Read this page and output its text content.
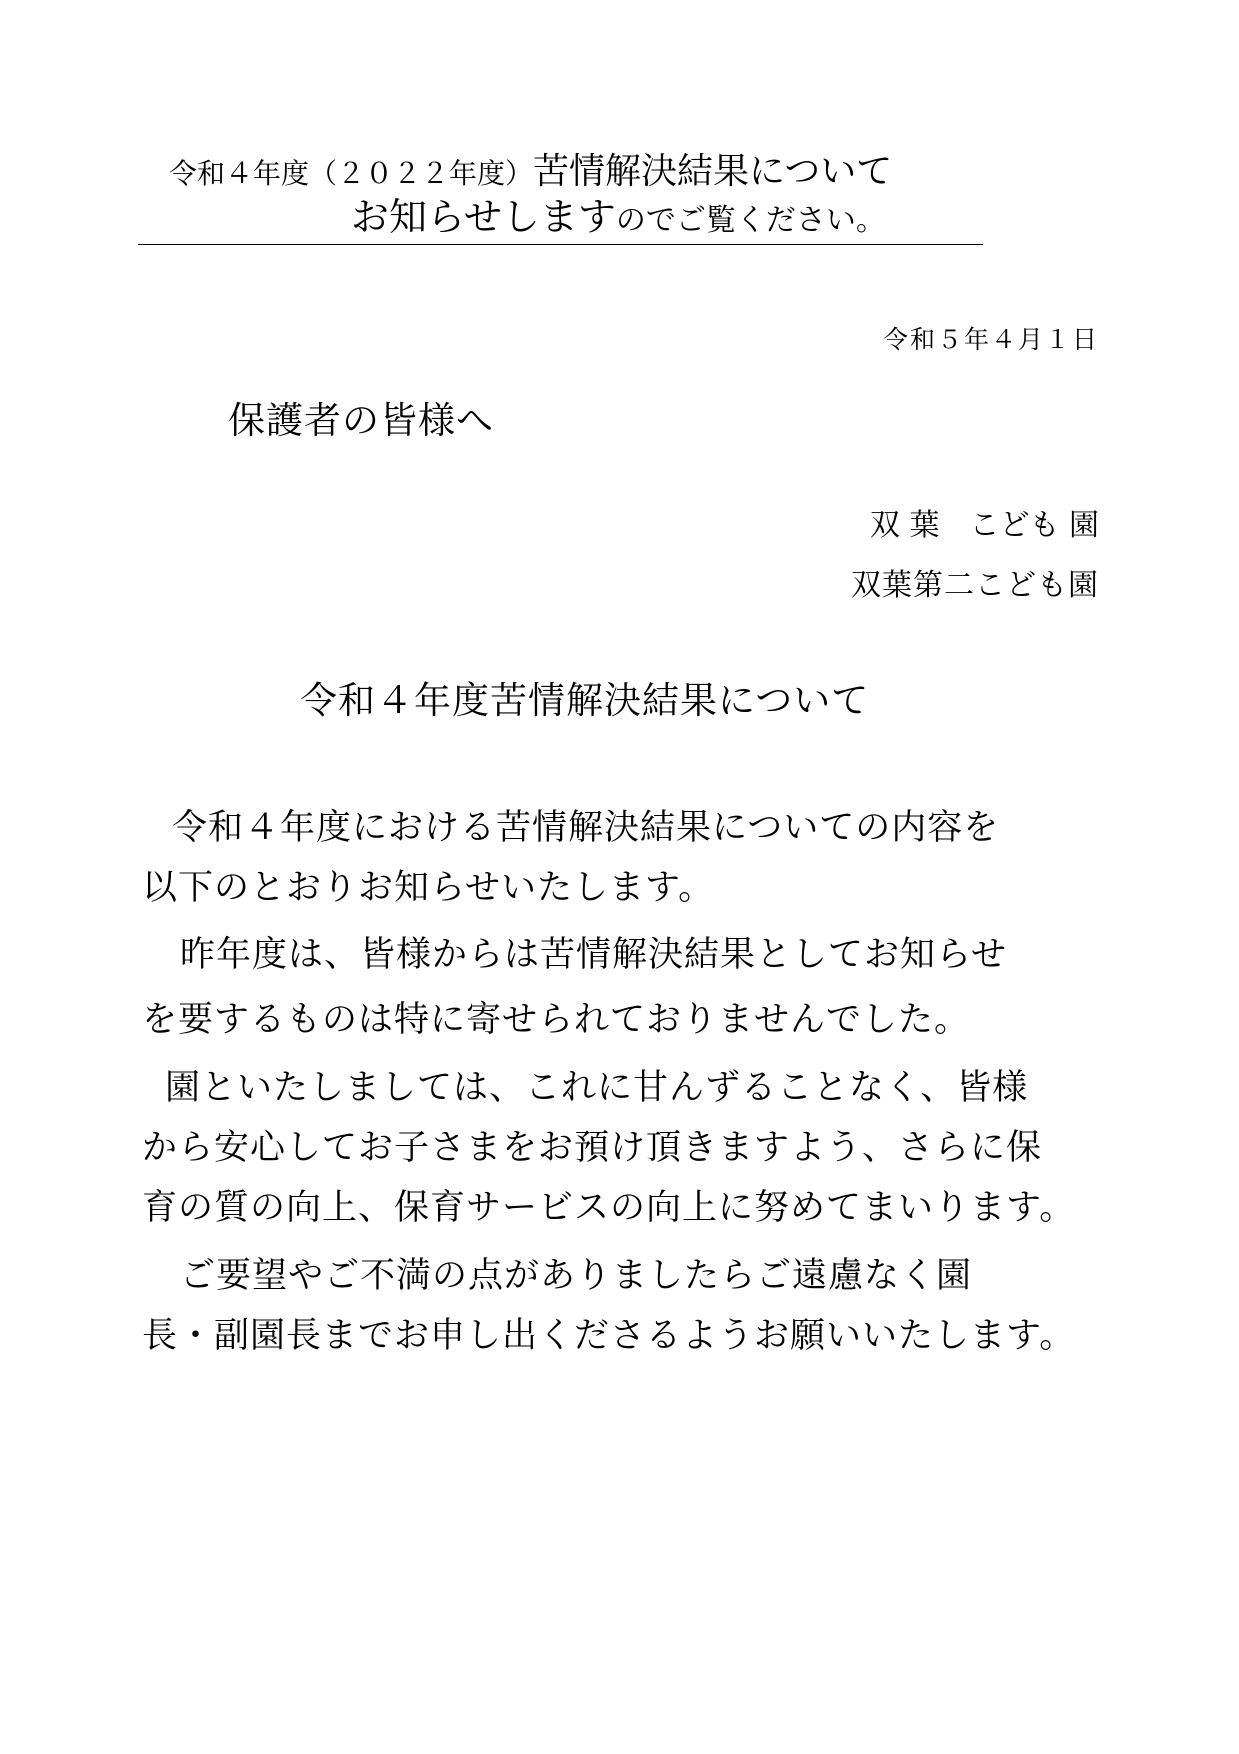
令和４年度（２０２２年度）苦情解決結果について
お知らせしますのでご覧ください。
令和５年４月１日
保護者の皆様へ
双 葉　こども 園
双葉第二こども園
令和４年度苦情解決結果について
令和４年度における苦情解決結果についての内容を
以下のとおりお知らせいたします。
昨年度は、皆様からは苦情解決結果としてお知らせ
を要するものは特に寄せられておりませんでした。
園といたしましては、これに甘んずることなく、皆様
から安心してお子さまをお預け頂きますよう、さらに保
育の質の向上、保育サービスの向上に努めてまいります。
ご要望やご不満の点がありましたらご遠慮なく園
長・副園長までお申し出くださるようお願いいたします。
